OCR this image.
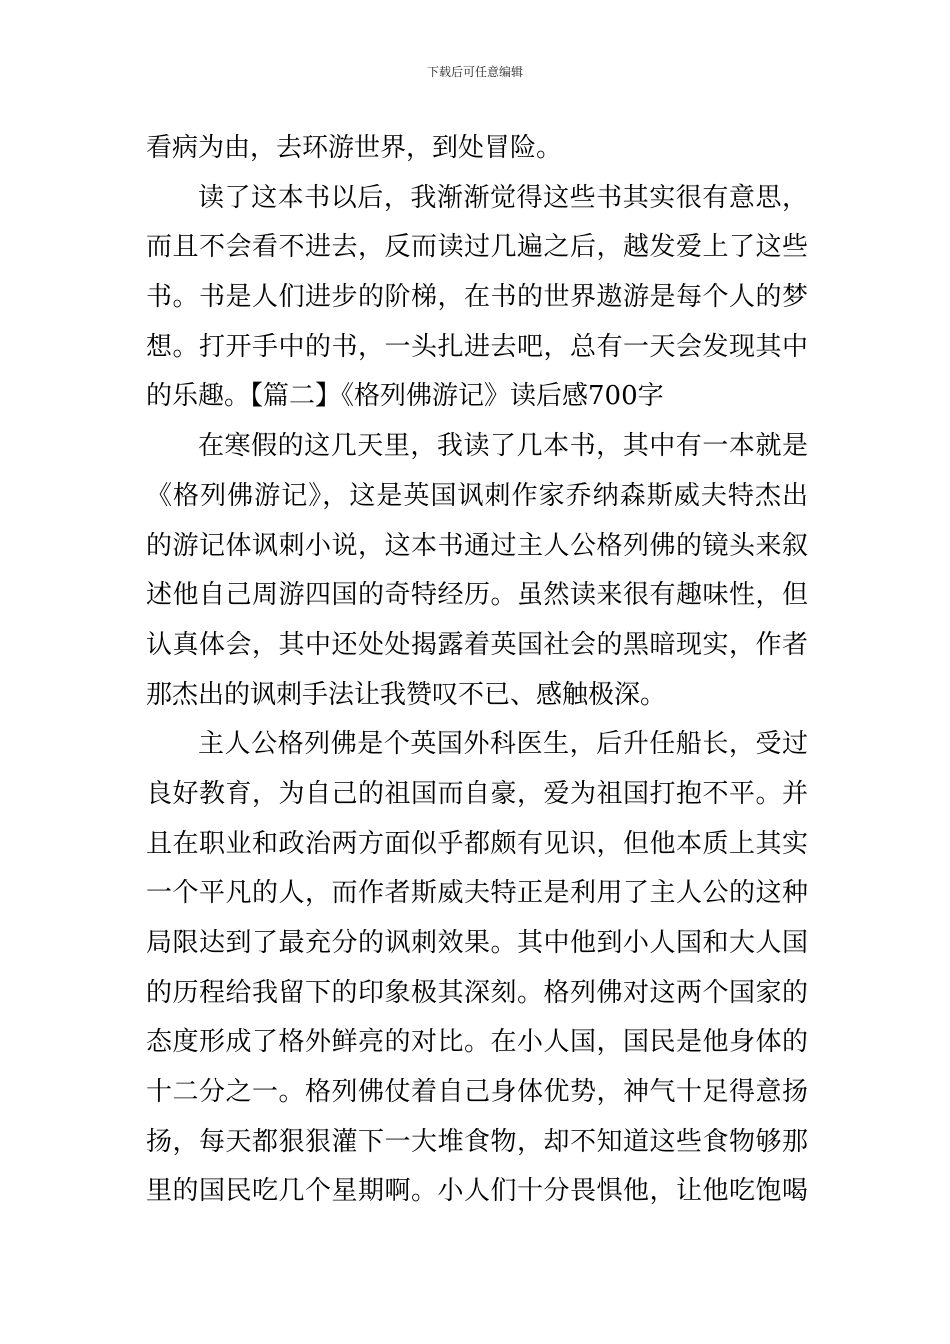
下载后可任意编辑
看病为由，去环游世界，到处冒险。
读了这本书以后，我渐渐觉得这些书其实很有意思，
而且不会看不进去，反而读过几遍之后，越发爱上了这些
书。书是人们进步的阶梯，在书的世界遨游是每个人的梦
想。打开手中的书，一头扎进去吧，总有一天会发现其中
的乐趣。【篇二】《格列佛游记》读后感700字
在寒假的这几天里，我读了几本书，其中有一本就是
《格列佛游记》，这是英国讽刺作家乔纳森斯威夫特杰出
的游记体讽刺小说，这本书通过主人公格列佛的镜头来叙
述他自己周游四国的奇特经历。虽然读来很有趣味性，但
认真体会，其中还处处揭露着英国社会的黑暗现实，作者
那杰出的讽刺手法让我赞叹不已、感触极深。
主人公格列佛是个英国外科医生，后升任船长，受过
良好教育，为自己的祖国而自豪，爱为祖国打抱不平。并
且在职业和政治两方面似乎都颇有见识，但他本质上其实
一个平凡的人，而作者斯威夫特正是利用了主人公的这种
局限达到了最充分的讽刺效果。其中他到小人国和大人国
的历程给我留下的印象极其深刻。格列佛对这两个国家的
态度形成了格外鲜亮的对比。在小人国，国民是他身体的
十二分之一。格列佛仗着自己身体优势，神气十足得意扬
扬，每天都狠狠灌下一大堆食物，却不知道这些食物够那
里的国民吃几个星期啊。小人们十分畏惧他，让他吃饱喝
